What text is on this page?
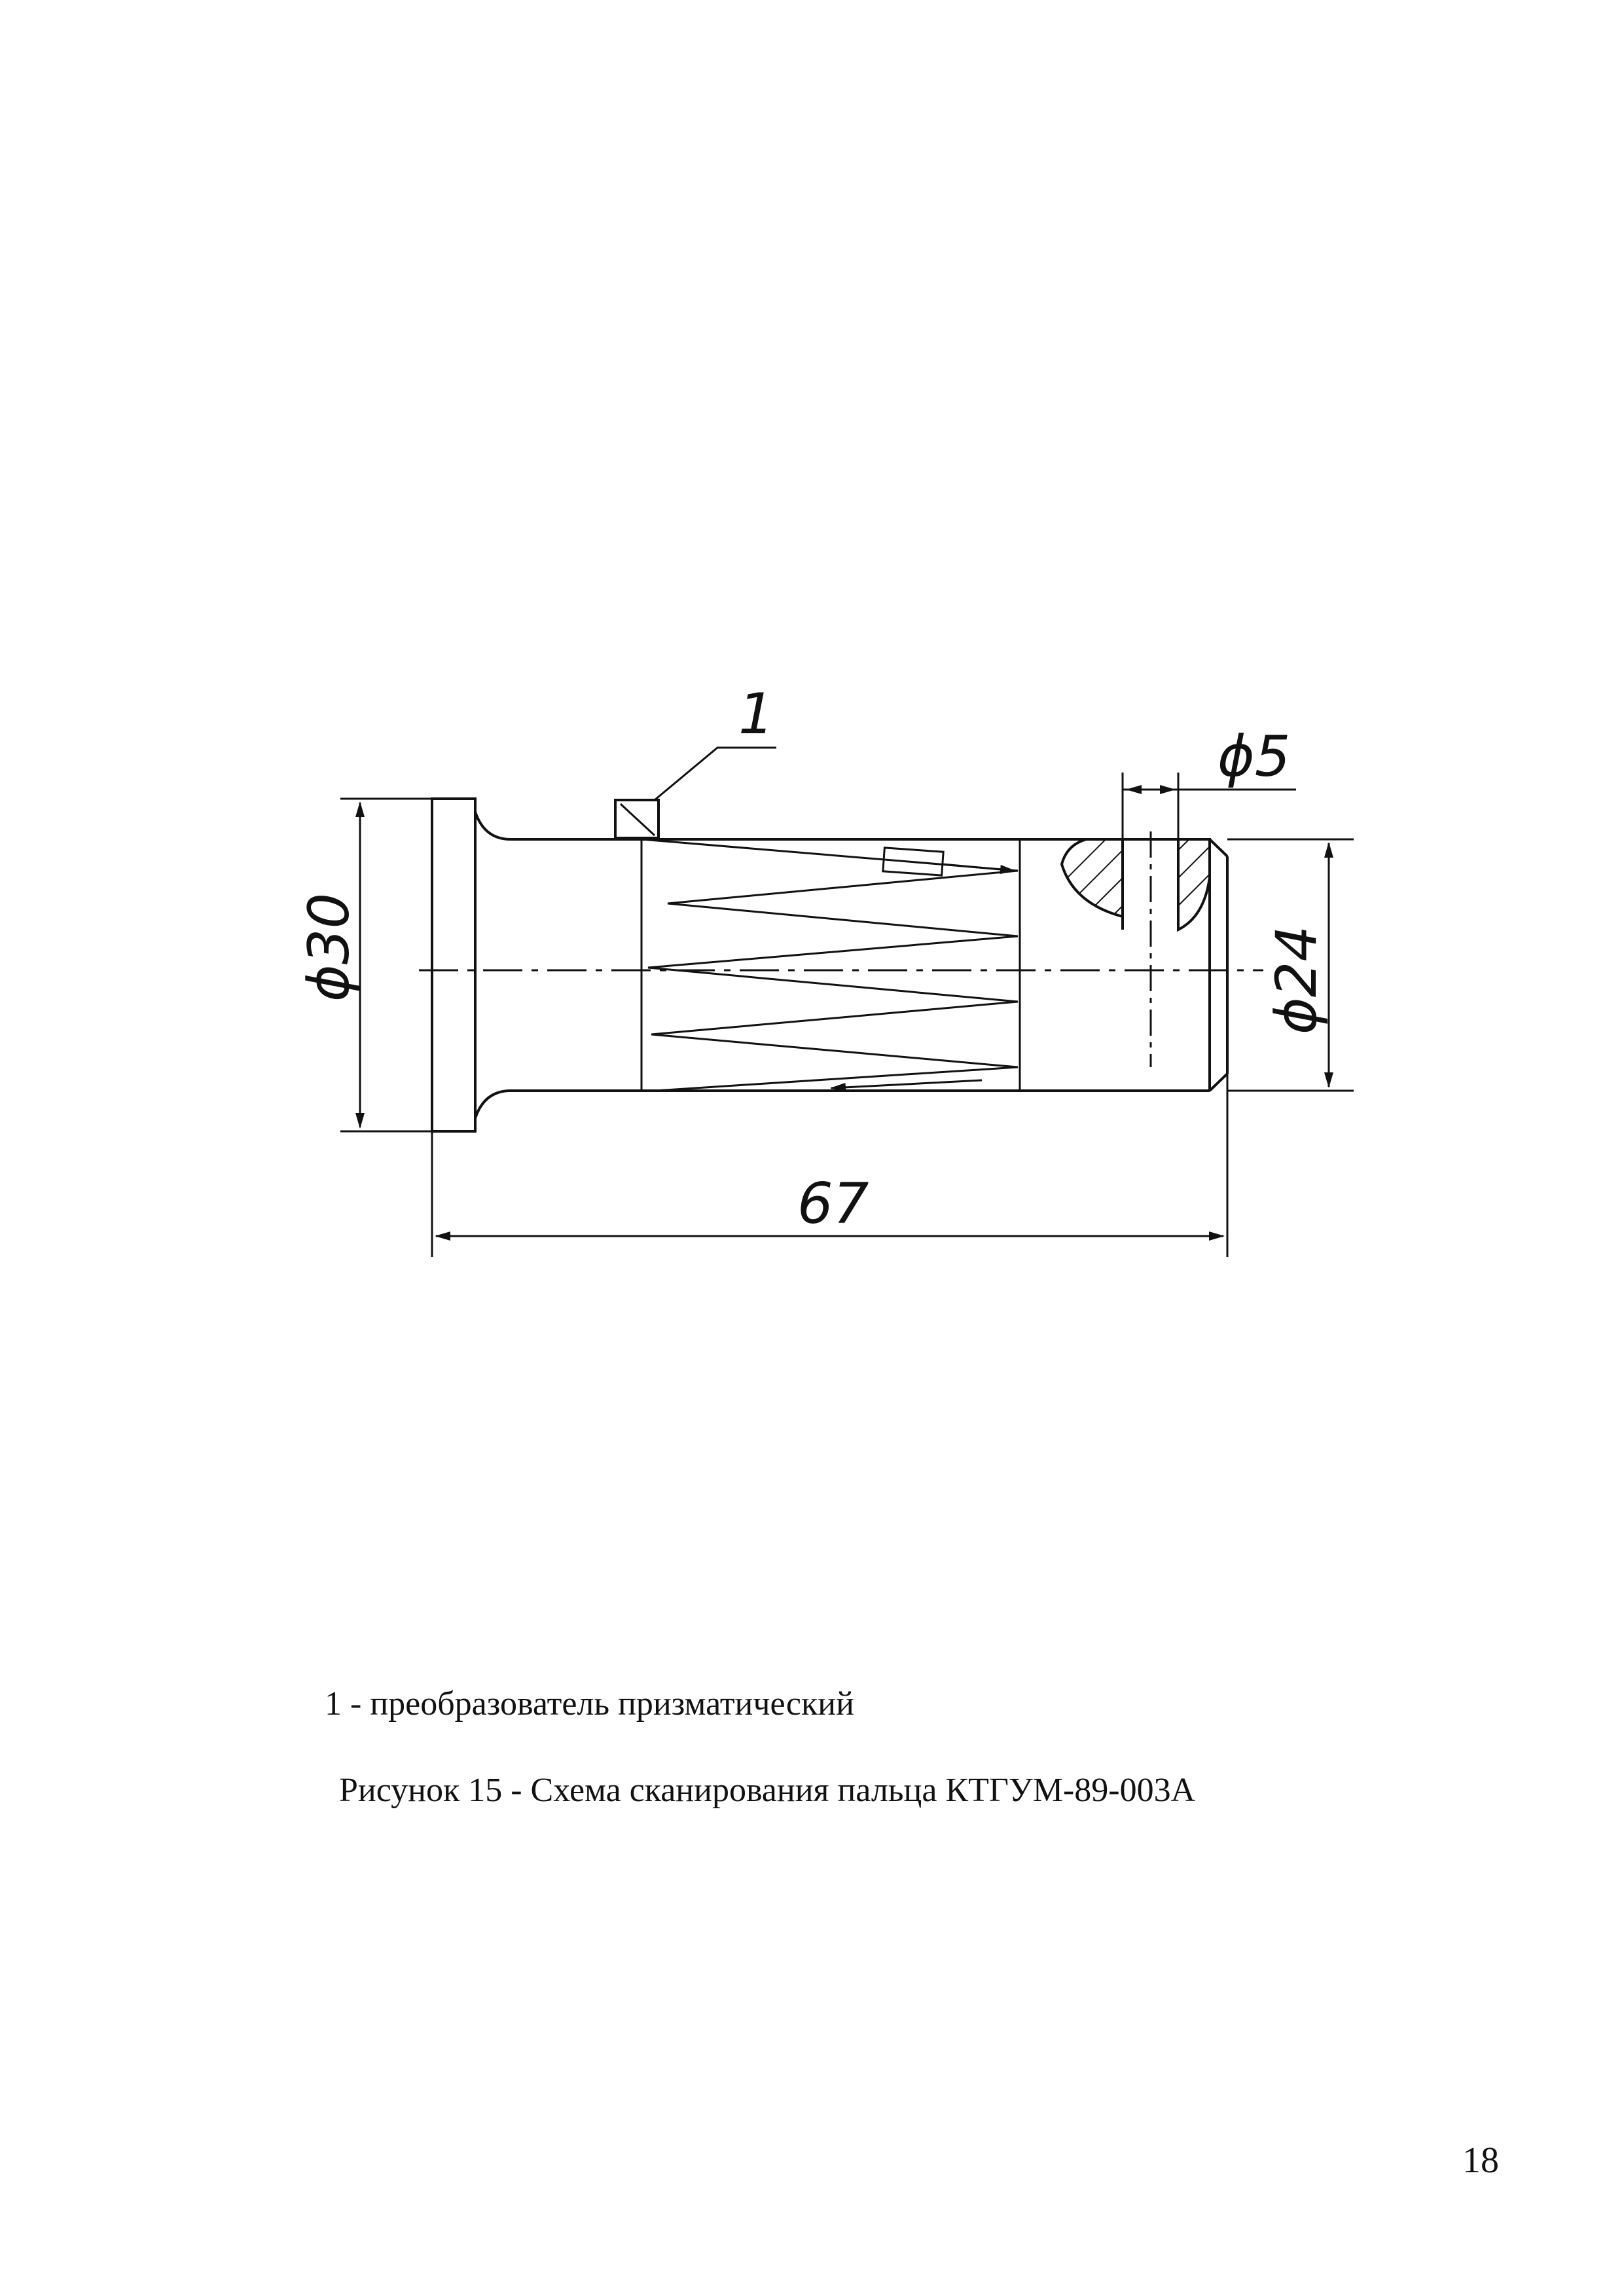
1
ϕ30	ϕ24
ϕ5
67
1 - преобразователь призматический
Рисунок 15 - Схема сканирования пальца КТГУМ-89-003А
18
